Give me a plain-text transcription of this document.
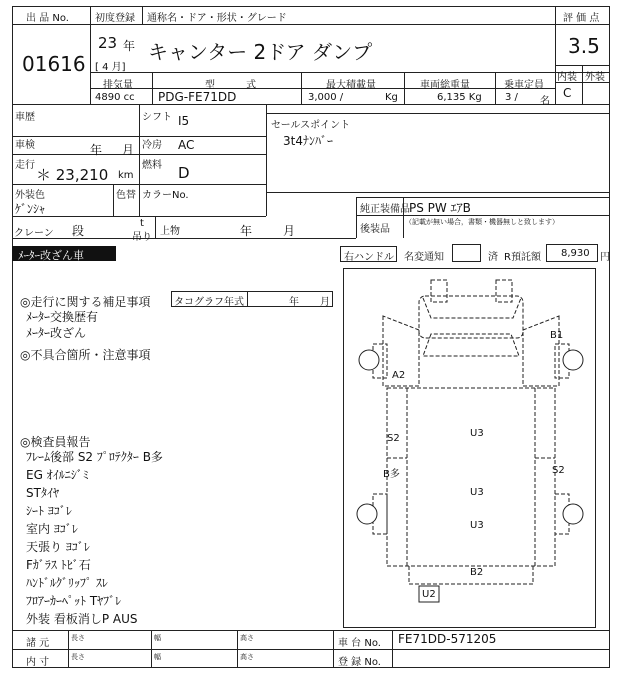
出 品 No.
01616
初度登録
23 年
[ 4 月]
通称名・ドア・形状・グレード
キャンター 2ドア ダンプ
評 価 点
3.5
内装 外装
C
排気量
4890 cc
型 式
PDG-FE71DD
最大積載量
3,000 /	Kg
車両総重量
6,135 Kg
乗車定員
3 / 名
車歴	シフト I5
車検	年 月 冷房 AC
走行
＊ 23,210 km
燃料 D
外装色
ｹﾞﾝｼｬ
色替 カラーNo.
クレーン 段
t
吊り
上物	年	月
セールスポイント
3t4ﾅﾝﾊﾞｰ
純正装備品 PS PW ｴｱB
後装品
（記載が無い場合，書類・機器無しと致します）
ﾒｰﾀｰ改ざん車	右ハンドル 名変通知	済 R預託額 8,930 円
◎走行に関する補足事項 タコグラフ年式	年 月
ﾒｰﾀｰ交換歴有
ﾒｰﾀｰ改ざん
◎不具合箇所・注意事項
◎検査員報告
ﾌﾚｰﾑ後部 S2 ﾌﾟﾛﾃｸﾀｰ B多
EG ｵｲﾙﾆｼﾞﾐ
STﾀｲﾔ
ｼｰﾄ ﾖｺﾞﾚ
室内 ﾖｺﾞﾚ
天張り ﾖｺﾞﾚ
Fｶﾞﾗｽ ﾄﾋﾞ石
ﾊﾝﾄﾞﾙｸﾞﾘｯﾌﾟ ｽﾚ
ﾌﾛｱｰｶｰﾍﾟｯﾄ Tﾔﾌﾞﾚ
外装 看板消しP AUS
B1
A2
S2	U3
B多	S2
U3
U3
B2
U2
諸 元	長さ	幅	高さ
内 寸	長さ	幅	高さ
車 台 No. FE71DD-571205
登 録 No.
